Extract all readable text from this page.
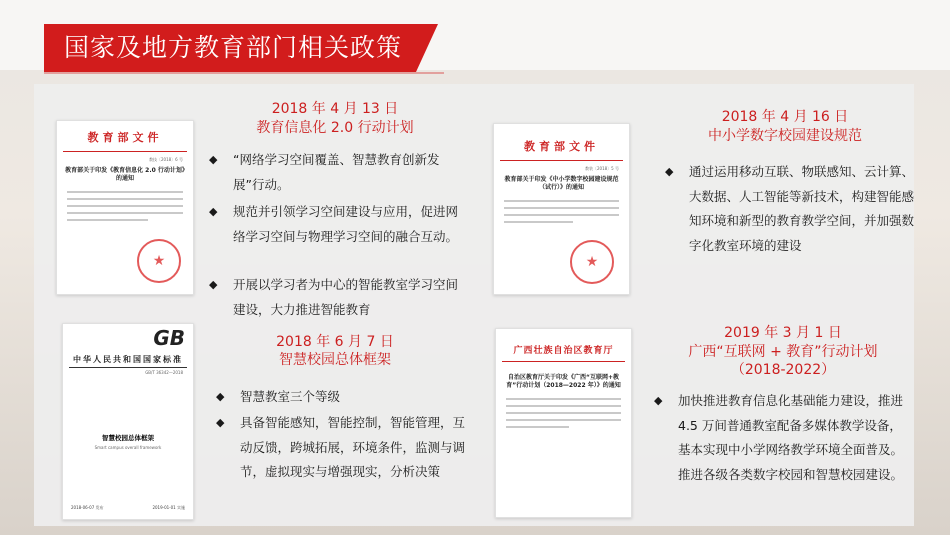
国家及地方教育部门相关政策
教育部文件
教技〔2018〕6 号
教育部关于印发《教育信息化 2.0 行动计划》的通知
★
教育部文件
教装〔2018〕5 号
教育部关于印发《中小学数字校园建设规范（试行）》的通知
★
GB
中华人民共和国国家标准
GB/T 36342—2018
智慧校园总体框架
Smart campus overall framework
2018-06-07 发布	2019-01-01 实施
广西壮族自治区教育厅
自治区教育厅关于印发《广西“互联网+教育”行动计划（2018—2022 年）》的通知
2018 年 4 月 13 日
教育信息化 2.0 行动计划
◆	“网络学习空间覆盖、智慧教育创新发展”行动。
◆	规范并引领学习空间建设与应用，促进网络学习空间与物理学习空间的融合互动。
◆	开展以学习者为中心的智能教室学习空间建设，大力推进智能教育
2018 年 4 月 16 日
中小学数字校园建设规范
◆	通过运用移动互联、物联感知、云计算、大数据、人工智能等新技术，构建智能感知环境和新型的教育教学空间，并加强数字化教室环境的建设
2018 年 6 月 7 日
智慧校园总体框架
◆	智慧教室三个等级
◆	具备智能感知，智能控制，智能管理，互动反馈，跨城拓展，环境条件，监测与调节，虚拟现实与增强现实，分析决策
2019 年 3 月 1 日
广西“互联网 + 教育”行动计划
（2018-2022）
◆	加快推进教育信息化基础能力建设，推进 4.5 万间普通教室配备多媒体教学设备，基本实现中小学网络教学环境全面普及。推进各级各类数字校园和智慧校园建设。
